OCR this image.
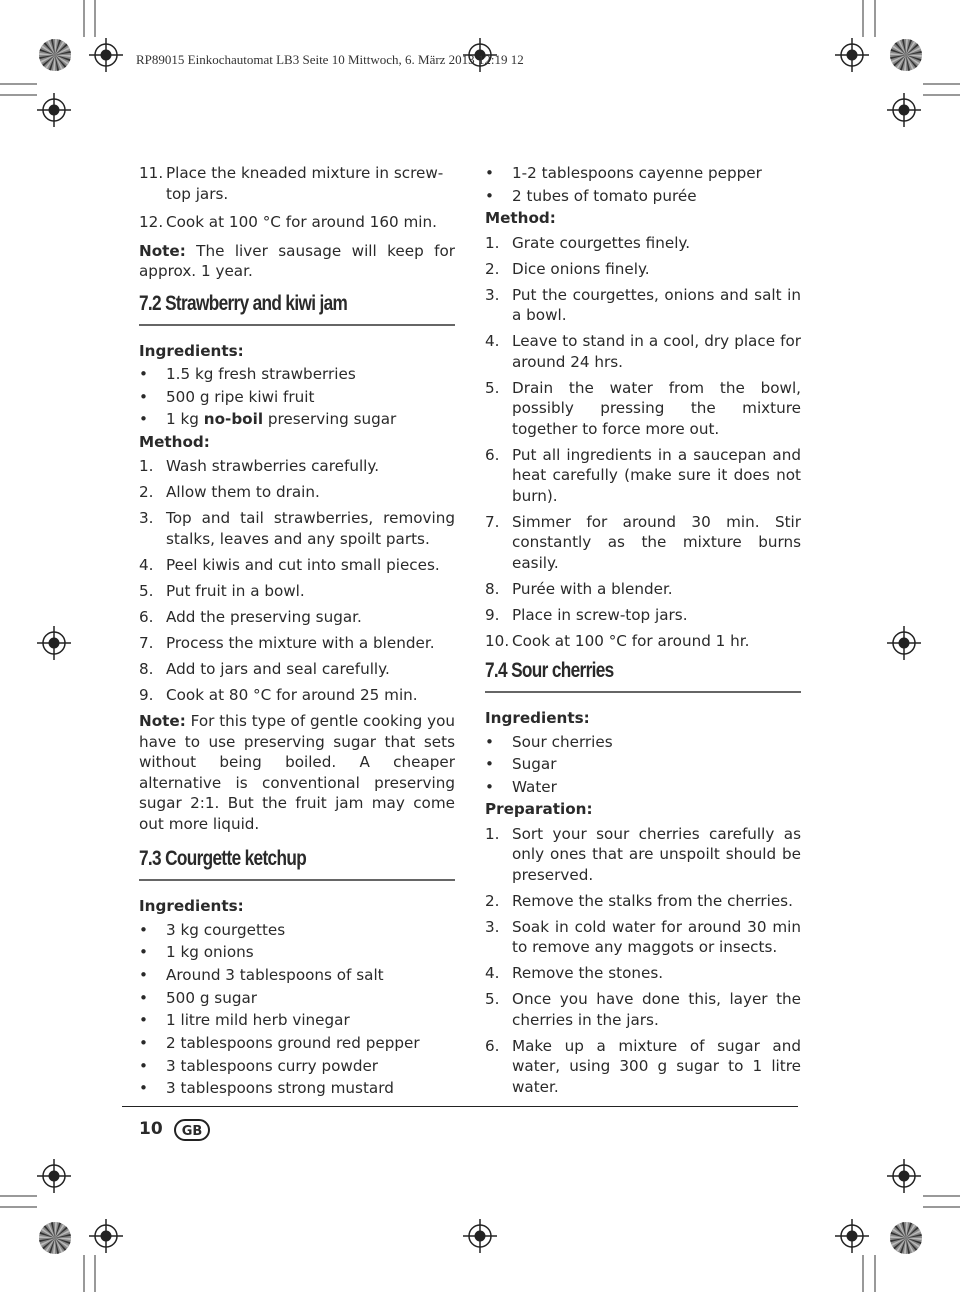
RP89015 Einkochautomat LB3 Seite 10 Mittwoch, 6. März 2013 12:19 12
11. Place the kneaded mixture in screw-top jars.
12. Cook at 100 °C for around 160 min.
Note: The liver sausage will keep for approx. 1 year.
7.2 Strawberry and kiwi jam
Ingredients:
• 1.5 kg fresh strawberries
• 500 g ripe kiwi fruit
• 1 kg no-boil preserving sugar
Method:
1. Wash strawberries carefully.
2. Allow them to drain.
3. Top and tail strawberries, removing stalks, leaves and any spoilt parts.
4. Peel kiwis and cut into small pieces.
5. Put fruit in a bowl.
6. Add the preserving sugar.
7. Process the mixture with a blender.
8. Add to jars and seal carefully.
9. Cook at 80 °C for around 25 min.
Note: For this type of gentle cooking you have to use preserving sugar that sets without being boiled. A cheaper alternative is conventional preserving sugar 2:1. But the fruit jam may come out more liquid.
7.3 Courgette ketchup
Ingredients:
• 3 kg courgettes
• 1 kg onions
• Around 3 tablespoons of salt
• 500 g sugar
• 1 litre mild herb vinegar
• 2 tablespoons ground red pepper
• 3 tablespoons curry powder
• 3 tablespoons strong mustard
• 1-2 tablespoons cayenne pepper
• 2 tubes of tomato purée
Method:
1. Grate courgettes finely.
2. Dice onions finely.
3. Put the courgettes, onions and salt in a bowl.
4. Leave to stand in a cool, dry place for around 24 hrs.
5. Drain the water from the bowl, possibly pressing the mixture together to force more out.
6. Put all ingredients in a saucepan and heat carefully (make sure it does not burn).
7. Simmer for around 30 min. Stir constantly as the mixture burns easily.
8. Purée with a blender.
9. Place in screw-top jars.
10. Cook at 100 °C for around 1 hr.
7.4 Sour cherries
Ingredients:
• Sour cherries
• Sugar
• Water
Preparation:
1. Sort your sour cherries carefully as only ones that are unspoilt should be preserved.
2. Remove the stalks from the cherries.
3. Soak in cold water for around 30 min to remove any maggots or insects.
4. Remove the stones.
5. Once you have done this, layer the cherries in the jars.
6. Make up a mixture of sugar and water, using 300 g sugar to 1 litre water.
10	GB
